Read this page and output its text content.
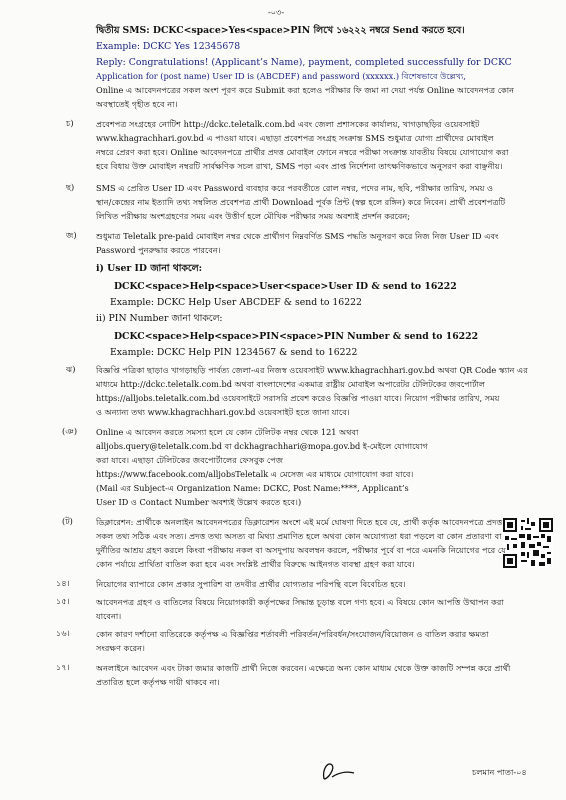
-০৩-
দ্বিতীয় SMS: DCKC<space>Yes<space>PIN লিখে ১৬২২২ নম্বরে Send করতে হবে।
Example: DCKC Yes 12345678
Reply: Congratulations! (Applicant’s Name), payment, completed successfully for DCKC
Application for (post name) User ID is (ABCDEF) and password (xxxxxx.) বিশেষভাবে উল্লেখ্য,
Online এ আবেদনপত্রের সকল অংশ পূরণ করে Submit করা হলেও পরীক্ষার ফি জমা না দেয়া পর্যন্ত Online আবেদনপত্র কোন
অবস্থাতেই গৃহীত হবে না।
চ)	প্রবেশপত্র সংগ্রহের নোটিশ http://dckc.teletalk.com.bd এবং জেলা প্রশাসকের কার্যালয়, খাগড়াছড়ির ওয়েবসাইট
www.khagrachhari.gov.bd এ পাওয়া যাবে। এছাড়া প্রবেশপত্র সংগ্রহ সংক্রান্ত SMS শুধুমাত্র যোগ্য প্রার্থীদের মোবাইল
নম্বরে প্রেরণ করা হবে। Online আবেদনপত্রে প্রার্থীর প্রদত্ত মোবাইল ফোনে নম্বরে পরীক্ষা সংক্রান্ত যাবতীয় বিষয়ে যোগাযোগ করা
হবে বিধায় উক্ত মোবাইল নম্বরটি সার্বক্ষণিক সচল রাখা, SMS পড়া এবং প্রাপ্ত নির্দেশনা তাৎক্ষণিকভাবে অনুসরণ করা বাঞ্ছনীয়।
ছ)	SMS এ প্রেরিত User ID এবং Password ব্যবহার করে পরবর্তীতে রোল নম্বর, পদের নাম, ছবি, পরীক্ষার তারিখ, সময় ও
স্থান/কেন্দ্রের নাম ইত্যাদি তথ্য সম্বলিত প্রবেশপত্র প্রার্থী Download পূর্বক প্রিন্ট (স্বল্প হলে রঙ্গিন) করে নিবেন। প্রার্থী প্রবেশপত্রটি
লিখিত পরীক্ষায় অংশগ্রহণের সময় এবং উত্তীর্ণ হলে মৌখিক পরীক্ষার সময় অবশ্যই প্রদর্শন করবেন;
জ) শুধুমাত্র Teletalk pre-paid মোবাইল নম্বর থেকে প্রার্থীগণ নিম্নবর্ণিত SMS পদ্ধতি অনুসরণ করে নিজ নিজ User ID এবং
Password পুনরুদ্ধার করতে পারবেন।
i) User ID জানা থাকলে:
DCKC<space>Help<space>User<space>User ID & send to 16222
Example: DCKC Help User ABCDEF & send to 16222
ii) PIN Number জানা থাকলে:
DCKC<space>Help<space>PIN<space>PIN Number & send to 16222
Example: DCKC Help PIN 1234567 & send to 16222
ঝ)	বিজ্ঞপ্তি পত্রিকা ছাড়াও খাগড়াছড়ি পার্বত্য জেলা-এর নিজস্ব ওয়েবসাইট www.khagrachhari.gov.bd অথবা QR Code স্ক্যান এর
মাধ্যমে http://dckc.teletalk.com.bd অথবা বাংলাদেশের একমাত্র রাষ্ট্রীয় মোবাইল অপারেটর টেলিটকের জবপোর্টাল
https://alljobs.teletalk.com.bd ওয়েবসাইটে সরাসরি প্রবেশ করেও বিজ্ঞপ্তি পাওয়া যাবে। নিয়োগ পরীক্ষার তারিখ, সময়
ও অন্যান্য তথ্য www.khagrachhari.gov.bd ওয়েবসাইট হতে জানা যাবে।
(ঞ) Online এ আবেদন করতে সমস্যা হলে যে কোন টেলিটক নম্বর থেকে 121 অথবা
alljobs.query@teletalk.com.bd বা dckhagrachhari@mopa.gov.bd ই-মেইলে যোগাযোগ
করা যাবে। এছাড়া টেলিটকের জবপোর্টালের ফেসবুক পেজ
https://www.facebook.com/alljobsTeletalk এ মেসেজ এর মাধ্যমে যোগাযোগ করা যাবে।
(Mail এর Subject-এ Organization Name: DCKC, Post Name:****, Applicant’s
User ID ও Contact Number অবশ্যই উল্লেখ করতে হবে।)
(ট)	ডিক্লারেশন: প্রার্থীকে অনলাইন আবেদনপত্রের ডিক্লারেশন অংশে এই মর্মে ঘোষণা দিতে হবে যে, প্রার্থী কর্তৃক আবেদনপত্রে প্রদত্ত
সকল তথ্য সঠিক এবং সত্য। প্রদত্ত তথ্য অসত্য বা মিথ্যা প্রমাণিত হলে অথবা কোন অযোগ্যতা ধরা পড়লে বা কোন প্রতারণা বা
দুর্নীতির আশ্রয় গ্রহণ করলে কিংবা পরীক্ষায় নকল বা অসদুপায় অবলম্বন করলে, পরীক্ষার পূর্বে বা পরে এমনকি নিয়োগের পরে যে
কোন পর্যায়ে প্রার্থিতা বাতিল করা হবে এবং সংশ্লিষ্ট প্রার্থীর বিরুদ্ধে আইনগত ব্যবস্থা গ্রহণ করা যাবে।
১৪।	নিয়োগের ব্যাপারে কোন প্রকার সুপারিশ বা তদবীর প্রার্থীর যোগ্যতার পরিপন্থি বলে বিবেচিত হবে।
১৫।	আবেদনপত্র গ্রহণ ও বাতিলের বিষয়ে নিয়োগকারী কর্তৃপক্ষের সিদ্ধান্ত চূড়ান্ত বলে গণ্য হবে। এ বিষয়ে কোন আপত্তি উত্থাপন করা
যাবেনা।
১৬।	কোন কারণ দর্শানো ব্যতিরেকে কর্তৃপক্ষ এ বিজ্ঞপ্তির শর্তাবলী পরিবর্তন/পরিবর্ধন/সংযোজন/বিয়োজন ও বাতিল করার ক্ষমতা
সংরক্ষণ করেন।
১৭।	অনলাইনে আবেদন এবং টাকা জমার কাজটি প্রার্থী নিজে করবেন। এক্ষেত্রে অন্য কোন মাধ্যম থেকে উক্ত কাজটি সম্পন্ন করে প্রার্থী
প্রতারিত হলে কর্তৃপক্ষ দায়ী থাকবে না।
চলমান পাতা-০৪
